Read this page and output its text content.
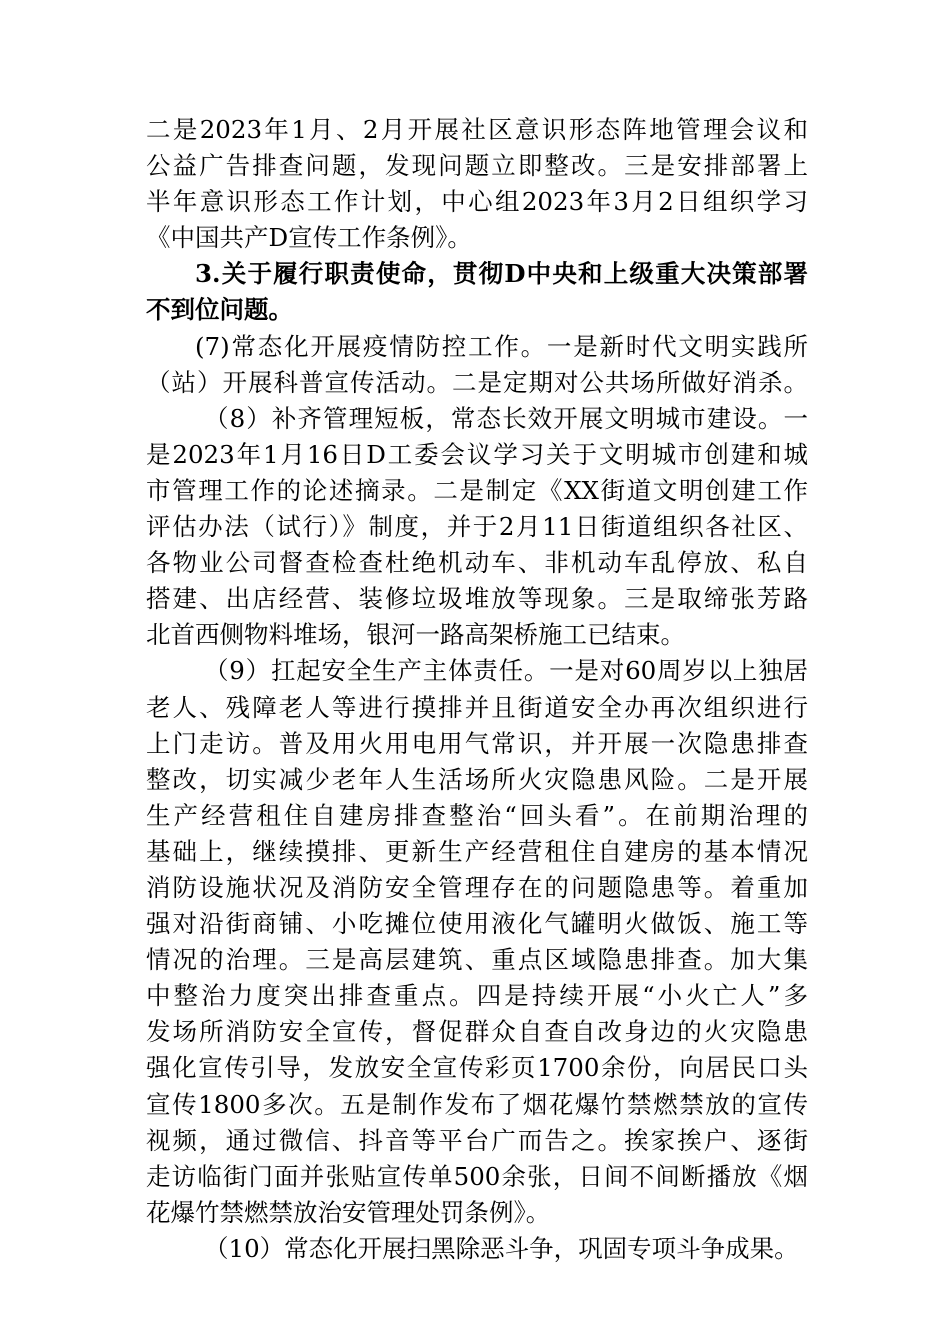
二是2023年1月、2月开展社区意识形态阵地管理会议和
公益广告排查问题，发现问题立即整改。三是安排部署上
半年意识形态工作计划，中心组2023年3月2日组织学习
《中国共产D宣传工作条例》。
3.关于履行职责使命，贯彻D中央和上级重大决策部署
不到位问题。
(7)常态化开展疫情防控工作。一是新时代文明实践所
（站）开展科普宣传活动。二是定期对公共场所做好消杀。
（8）补齐管理短板，常态长效开展文明城市建设。一
是2023年1月16日D工委会议学习关于文明城市创建和城
市管理工作的论述摘录。二是制定《XX街道文明创建工作
评估办法（试行）》制度，并于2月11日街道组织各社区、
各物业公司督查检查杜绝机动车、非机动车乱停放、私自
搭建、出店经营、装修垃圾堆放等现象。三是取缔张芳路
北首西侧物料堆场，银河一路高架桥施工已结束。
（9）扛起安全生产主体责任。一是对60周岁以上独居
老人、残障老人等进行摸排并且街道安全办再次组织进行
上门走访。普及用火用电用气常识，并开展一次隐患排查
整改，切实减少老年人生活场所火灾隐患风险。二是开展
生产经营租住自建房排查整治“回头看”。在前期治理的
基础上，继续摸排、更新生产经营租住自建房的基本情况
消防设施状况及消防安全管理存在的问题隐患等。着重加
强对沿街商铺、小吃摊位使用液化气罐明火做饭、施工等
情况的治理。三是高层建筑、重点区域隐患排查。加大集
中整治力度突出排查重点。四是持续开展“小火亡人”多
发场所消防安全宣传，督促群众自查自改身边的火灾隐患
强化宣传引导，发放安全宣传彩页1700余份，向居民口头
宣传1800多次。五是制作发布了烟花爆竹禁燃禁放的宣传
视频，通过微信、抖音等平台广而告之。挨家挨户、逐街
走访临街门面并张贴宣传单500余张，日间不间断播放《烟
花爆竹禁燃禁放治安管理处罚条例》。
（10）常态化开展扫黑除恶斗争，巩固专项斗争成果。
